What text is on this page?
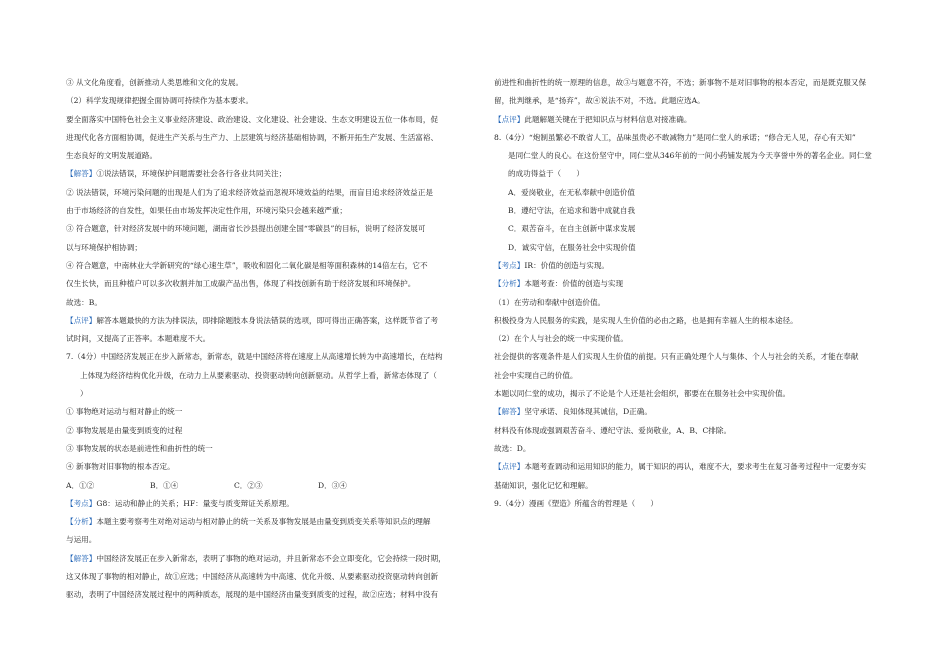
③ 从文化角度看，创新推动人类思维和文化的发展。
（2）科学发现规律把握全面协调可持续作为基本要求。
要全面落实中国特色社会主义事业经济建设、政治建设、文化建设、社会建设、生态文明建设五位一体布局，促
进现代化各方面相协调，促进生产关系与生产力、上层建筑与经济基础相协调，不断开拓生产发展、生活富裕、
生态良好的文明发展道路。
【解答】①说法错误，环境保护问题需要社会各行各业共同关注；
② 说法错误，环境污染问题的出现是人们为了追求经济效益而忽视环境效益的结果，而盲目追求经济效益正是
由于市场经济的自发性，如果任由市场发挥决定性作用，环境污染只会越来越严重；
③ 符合题意，针对经济发展中的环境问题，湖南省长沙县提出创建全国“零碳县”的目标，说明了经济发展可
以与环境保护相协调；
④ 符合题意，中南林业大学新研究的“绿心速生草”，吸收和固化二氧化碳是相等面积森林的14倍左右，它不
仅生长快，而且种植户可以多次收割并加工成碳产品出售，体现了科技创新有助于经济发展和环境保护。
故选：B。
【点评】解答本题最快的方法为排误法，即排除题肢本身说法错误的选项，即可得出正确答案，这样既节省了考
试时间，又提高了正答率。本题难度不大。
7.（4分）中国经济发展正在步入新常态，新常态，就是中国经济将在速度上从高速增长转为中高速增长，在结构
上体现为经济结构优化升级，在动力上从要素驱动、投资驱动转向创新驱动。从哲学上看，新常态体现了（
）
① 事物绝对运动与相对静止的统一
② 事物发展是由量变到质变的过程
③ 事物发展的状态是前进性和曲折性的统一
④ 新事物对旧事物的根本否定。
A．①②	B．①④	C．②③	D．③④
【考点】G8：运动和静止的关系；HF：量变与质变辩证关系原理。
【分析】本题主要考察考生对绝对运动与相对静止的统一关系及事物发展是由量变到质变关系等知识点的理解
与运用。
【解答】中国经济发展正在步入新常态，表明了事物的绝对运动，并且新常态不会立即变化，它会持续一段时期，
这又体现了事物的相对静止，故①应选；中国经济从高速转为中高速、优化升级、从要素驱动投资驱动转向创新
驱动，表明了中国经济发展过程中的两种质态，展现的是中国经济由量变到质变的过程，故②应选；材料中没有
前进性和曲折性的统一原理的信息，故③与题意不符，不选；新事物不是对旧事物的根本否定，而是既克服又保
留，批判继承，是“扬弃”，故④说法不对，不选。此题应选A。
【点评】此题解题关键在于把知识点与材料信息对接准确。
8.（4分）“炮制虽繁必不敢省人工，品味虽贵必不敢减物力”是同仁堂人的承诺；“修合无人见，存心有天知”
是同仁堂人的良心。在这份坚守中，同仁堂从346年前的一间小药铺发展为今天享誉中外的著名企业。同仁堂
的成功得益于（　　）
A．爱岗敬业，在无私奉献中创造价值
B．遵纪守法，在追求和谐中成就自我
C．艰苦奋斗，在自主创新中谋求发展
D．诚实守信，在服务社会中实现价值
【考点】IR：价值的创造与实现。
【分析】本题考查：价值的创造与实现
（1）在劳动和奉献中创造价值。
积极投身为人民服务的实践，是实现人生价值的必由之路，也是拥有幸福人生的根本途径。
（2）在个人与社会的统一中实现价值。
社会提供的客观条件是人们实现人生价值的前提。只有正确处理个人与集体、个人与社会的关系，才能在奉献
社会中实现自己的价值。
本题以同仁堂的成功，揭示了不论是个人还是社会组织，都要在在服务社会中实现价值。
【解答】坚守承诺、良知体现其诚信，D正确。
材料没有体现或强调艰苦奋斗、遵纪守法、爱岗敬业，A、B、C排除。
故选：D。
【点评】本题考查调动和运用知识的能力，属于知识的再认，难度不大，要求考生在复习备考过程中一定要夯实
基础知识，强化记忆和理解。
9.（4分）漫画《塑造》所蕴含的哲理是（　　）
